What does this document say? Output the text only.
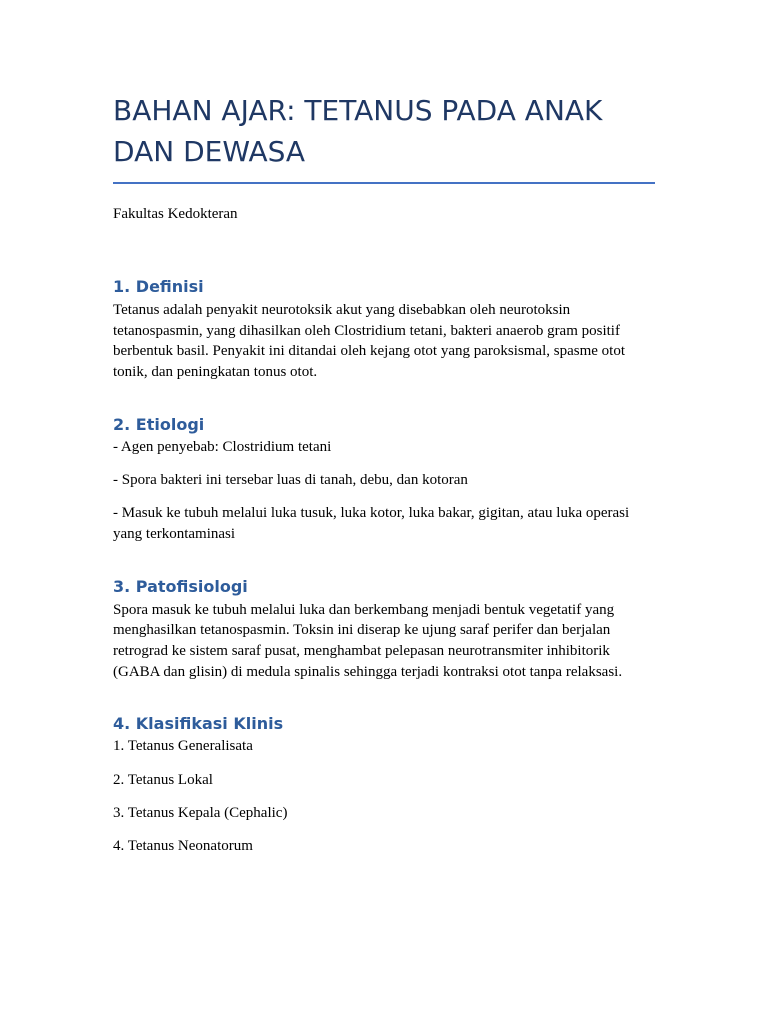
BAHAN AJAR: TETANUS PADA ANAK DAN DEWASA
Fakultas Kedokteran
1. Definisi

Tetanus adalah penyakit neurotoksik akut yang disebabkan oleh neurotoksin tetanospasmin, yang dihasilkan oleh Clostridium tetani, bakteri anaerob gram positif berbentuk basil. Penyakit ini ditandai oleh kejang otot yang paroksismal, spasme otot tonik, dan peningkatan tonus otot.

2. Etiologi

- Agen penyebab: Clostridium tetani

- Spora bakteri ini tersebar luas di tanah, debu, dan kotoran

- Masuk ke tubuh melalui luka tusuk, luka kotor, luka bakar, gigitan, atau luka operasi yang terkontaminasi

3. Patofisiologi

Spora masuk ke tubuh melalui luka dan berkembang menjadi bentuk vegetatif yang menghasilkan tetanospasmin. Toksin ini diserap ke ujung saraf perifer dan berjalan retrograd ke sistem saraf pusat, menghambat pelepasan neurotransmiter inhibitorik (GABA dan glisin) di medula spinalis sehingga terjadi kontraksi otot tanpa relaksasi.

4. Klasifikasi Klinis

1. Tetanus Generalisata

2. Tetanus Lokal

3. Tetanus Kepala (Cephalic)

4. Tetanus Neonatorum
